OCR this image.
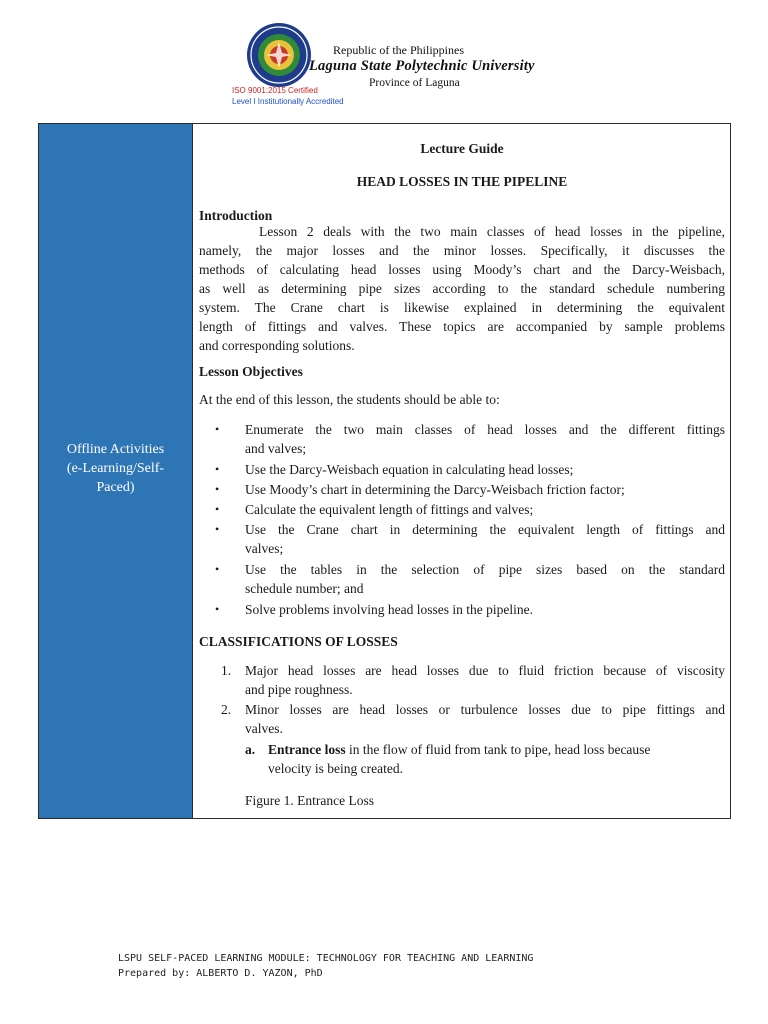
Republic of the Philippines
Laguna State Polytechnic University
Province of Laguna
ISO 9001:2015 Certified
Level I Institutionally Accredited
Offline Activities
(e-Learning/Self-
Paced)
Lecture Guide
HEAD LOSSES IN THE PIPELINE
Introduction
Lesson 2 deals with the two main classes of head losses in the pipeline,
namely, the major losses and the minor losses. Specifically, it discusses the
methods of calculating head losses using Moody’s chart and the Darcy-Weisbach,
as well as determining pipe sizes according to the standard schedule numbering
system. The Crane chart is likewise explained in determining the equivalent
length of fittings and valves. These topics are accompanied by sample problems
and corresponding solutions.
Lesson Objectives
At the end of this lesson, the students should be able to:
• Enumerate the two main classes of head losses and the different fittings
and valves;
• Use the Darcy-Weisbach equation in calculating head losses;
• Use Moody’s chart in determining the Darcy-Weisbach friction factor;
• Calculate the equivalent length of fittings and valves;
• Use the Crane chart in determining the equivalent length of fittings and
valves;
• Use the tables in the selection of pipe sizes based on the standard
schedule number; and
• Solve problems involving head losses in the pipeline.
CLASSIFICATIONS OF LOSSES
1. Major head losses are head losses due to fluid friction because of viscosity
and pipe roughness.
2. Minor losses are head losses or turbulence losses due to pipe fittings and
valves.
a. Entrance loss in the flow of fluid from tank to pipe, head loss because
velocity is being created.
Figure 1. Entrance Loss
LSPU SELF-PACED LEARNING MODULE: TECHNOLOGY FOR TEACHING AND LEARNING
Prepared by: ALBERTO D. YAZON, PhD
